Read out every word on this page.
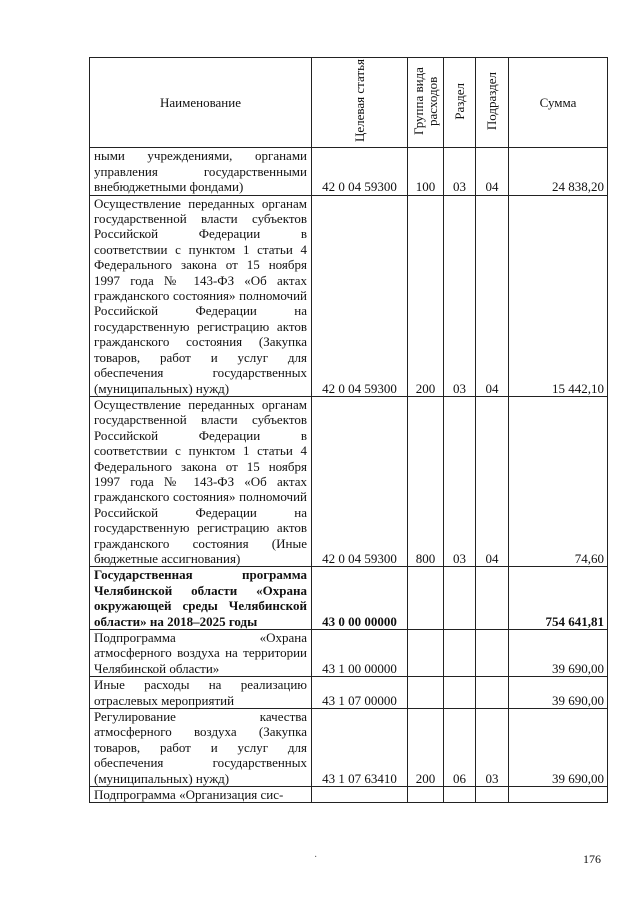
Наименование	Целевая статья	Группа вида расходов	Раздел	Подраздел	Сумма
ными учреждениями, органами управления государственными внебюджетными фондами)	42 0 04 59300	100	03	04	24 838,20
Осуществление переданных органам государственной власти субъектов Российской Федерации в соответствии с пунктом 1 статьи 4 Федерального закона от 15 ноября 1997 года № 143-ФЗ «Об актах гражданского состояния» полномочий Российской Федерации на государственную регистрацию актов гражданского состояния (Закупка товаров, работ и услуг для обеспечения государственных (муниципальных) нужд)	42 0 04 59300	200	03	04	15 442,10
Осуществление переданных органам государственной власти субъектов Российской Федерации в соответствии с пунктом 1 статьи 4 Федерального закона от 15 ноября 1997 года № 143-ФЗ «Об актах гражданского состояния» полномочий Российской Федерации на государственную регистрацию актов гражданского состояния (Иные бюджетные ассигнования)	42 0 04 59300	800	03	04	74,60
Государственная программа Челябинской области «Охрана окружающей среды Челябинской области» на 2018–2025 годы	43 0 00 00000				754 641,81
Подпрограмма «Охрана атмосферного воздуха на территории Челябинской области»	43 1 00 00000				39 690,00
Иные расходы на реализацию отраслевых мероприятий	43 1 07 00000				39 690,00
Регулирование качества атмосферного воздуха (Закупка товаров, работ и услуг для обеспечения государственных (муниципальных) нужд)	43 1 07 63410	200	06	03	39 690,00
Подпрограмма «Организация сис-					
·	176
